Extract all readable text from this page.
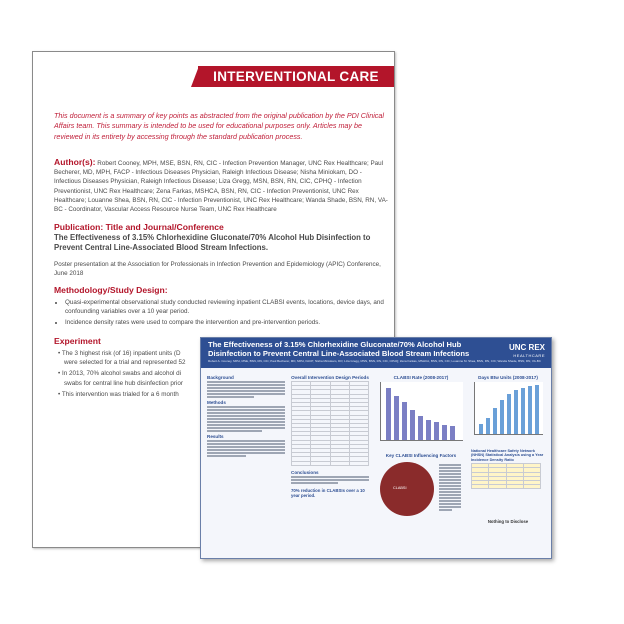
INTERVENTIONAL CARE
This document is a summary of key points as abstracted from the original publication by the PDI Clinical Affairs team. This summary is intended to be used for educational purposes only. Articles may be reviewed in its entirety by accessing through the standard publication process.
Author(s): Robert Cooney, MPH, MSE, BSN, RN, CIC - Infection Prevention Manager, UNC Rex Healthcare; Paul Becherer, MD, MPH, FACP - Infectious Diseases Physician, Raleigh Infectious Disease; Nisha Miniokam, DO - Infectious Diseases Physician, Raleigh Infectious Disease; Liza Gregg, MSN, BSN, RN, CIC, CPHQ - Infection Preventionist, UNC Rex Healthcare; Zena Farkas, MSHCA, BSN, RN, CIC - Infection Preventionist, UNC Rex Healthcare; Louanne Shea, BSN, RN, CIC - Infection Preventionist, UNC Rex Healthcare; Wanda Shade, BSN, RN, VA-BC - Coordinator, Vascular Access Resource Nurse Team, UNC Rex Healthcare
Publication: Title and Journal/Conference
The Effectiveness of 3.15% Chlorhexidine Gluconate/70% Alcohol Hub Disinfection to Prevent Central Line-Associated Blood Stream Infections.
Poster presentation at the Association for Professionals in Infection Prevention and Epidemiology (APIC) Conference, June 2018
Methodology/Study Design:
• Quasi-experimental observational study conducted reviewing inpatient CLABSI events, locations, device days, and confounding variables over a 10 year period.
• Incidence density rates were used to compare the intervention and pre-intervention periods.
Experiment
• The 3 highest risk (of 16) inpatient units (D
were selected for a trial and represented 52
• In 2013, 70% alcohol swabs and alcohol di
swabs for central line hub disinfection prior
• This intervention was trialed for a 6 month
The Effectiveness of 3.15% Chlorhexidine Gluconate/70% Alcohol Hub Disinfection to Prevent Central Line-Associated Blood Stream Infections
Robert A. Cooney, MPH, MSE, BSN, RN, CIC; Paul Becherer, MD, MPH, FACP; Nisha Miniokam, DO; Liza Gregg, MSN, BSN, RN, CIC, CPHQ; Zena Farkas, MSHCA, BSN, RN, CIC; Louanne M. Shea, BSN, RN, CIC; Wanda Shade, BSN, RN, VA-BC
UNC REX
HEALTHCARE
Background
Methods
Results
Overall Intervention Design Periods

Conclusions
70% reduction in CLABSIs over a 10 year period.
CLABSI Rate (2008-2017)
Key CLABSI Influencing Factors
CLABSI
Days Btw Units (2008-2017)
National Healthcare Safety Network (NHSN) Statistical Analysis using a Year Incidence Density Ratio

Nothing to Disclose
